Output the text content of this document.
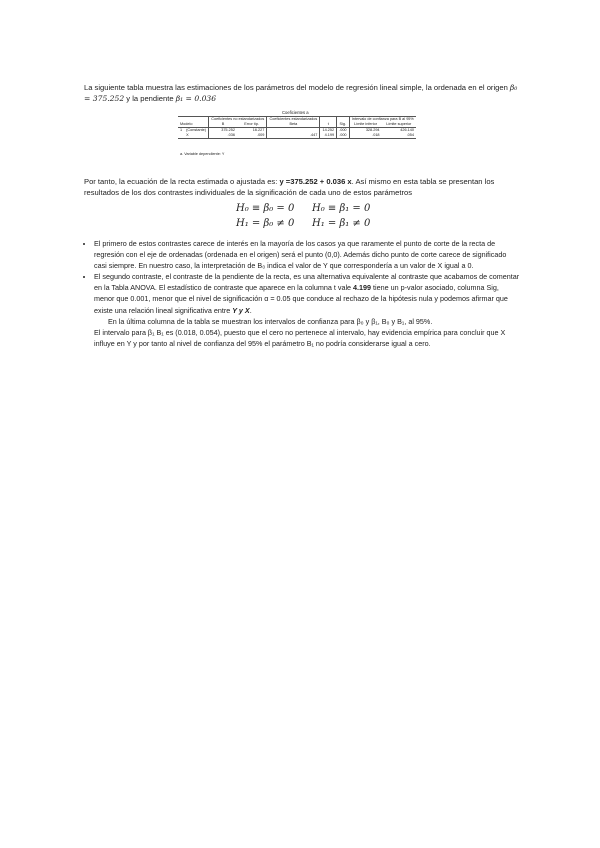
La siguiente tabla muestra las estimaciones de los parámetros del modelo de regresión lineal simple, la ordenada en el origen β₀ = 375.252 y la pendiente β₁ = 0.036
Coeficientes a
		Coeficientes no estandarizados		Coeficientes estandarizados			Intervalo de confianza para B al 95%	
Modelo		B	Error típ.	Beta	t	Sig.	Límite inferior	Límite superior
1	(Constante)	375.252	16.227		14.252	.000	328.294	426.140
	X	.036	.009	.447	4.199	.000	.018	.054
a. Variable dependiente: Y
Por tanto, la ecuación de la recta estimada o ajustada es: y =375.252 + 0.036 x. Así mismo en esta tabla se presentan los resultados de los dos contrastes individuales de la significación de cada uno de estos parámetros
H₀ ≡ β₀ = 0 H₀ ≡ β₁ = 0
H₁ = β₀ ≠ 0 H₁ = β₁ ≠ 0
• El primero de estos contrastes carece de interés en la mayoría de los casos ya que raramente el punto de corte de la recta de regresión con el eje de ordenadas (ordenada en el origen) será el punto (0,0). Además dicho punto de corte carece de significado casi siempre. En nuestro caso, la interpretación de B₀ indica el valor de Y que correspondería a un valor de X igual a 0.
• El segundo contraste, el contraste de la pendiente de la recta, es una alternativa equivalente al contraste que acabamos de comentar en la Tabla ANOVA. El estadístico de contraste que aparece en la columna t vale 4.199 tiene un p-valor asociado, columna Sig, menor que 0.001, menor que el nivel de significación α = 0.05 que conduce al rechazo de la hipótesis nula y podemos afirmar que existe una relación lineal significativa entre Y y X.
En la última columna de la tabla se muestran los intervalos de confianza para β₀ y β₁, B₀ y B₁, al 95%.
El intervalo para β₁ B₁ es (0.018, 0.054), puesto que el cero no pertenece al intervalo, hay evidencia empírica para concluir que X influye en Y y por tanto al nivel de confianza del 95% el parámetro B₁ no podría considerarse igual a cero.
